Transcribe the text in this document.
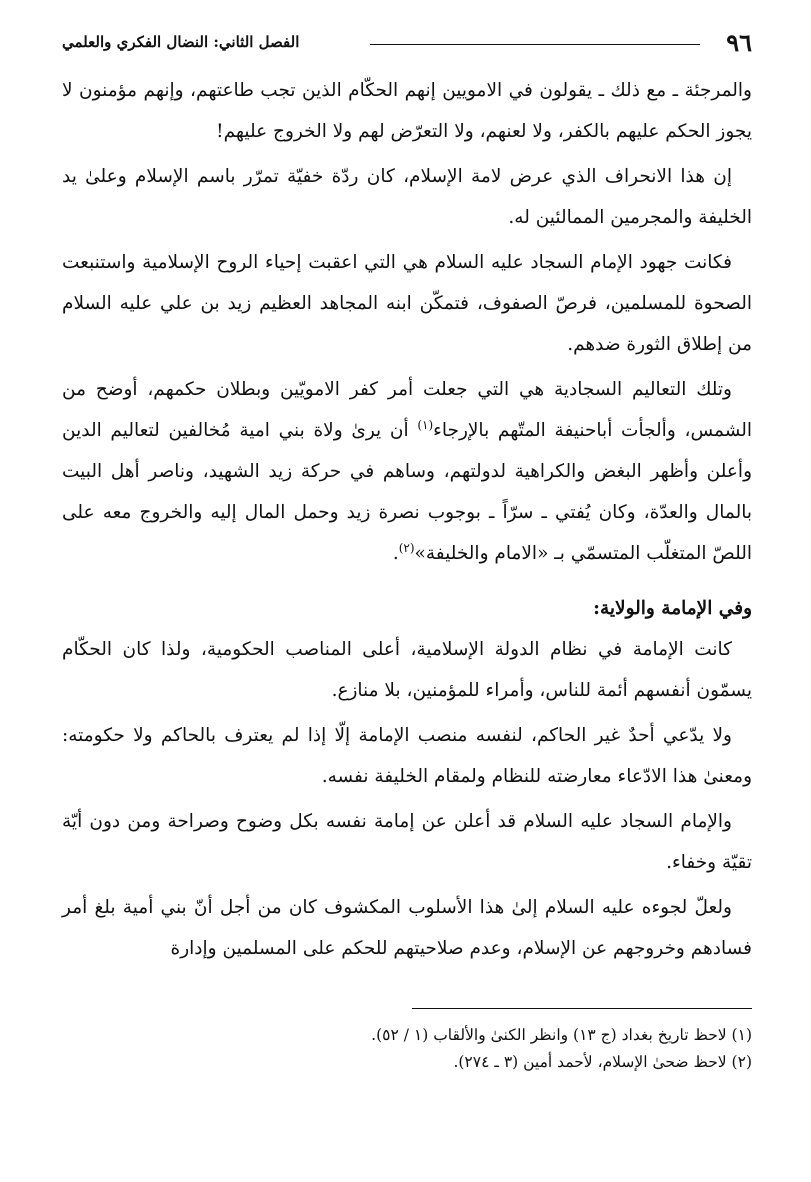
٩٦
الفصل الثاني: النضال الفكري والعلمي

والمرجئة ـ مع ذلك ـ يقولون في الامويين إنهم الحكّام الذين تجب طاعتهم، وإنهم مؤمنون لا يجوز الحكم عليهم بالكفر، ولا لعنهم، ولا التعرّض لهم ولا الخروج عليهم!

إن هذا الانحراف الذي عرض لامة الإسلام، كان ردّة خفيّة تمرّر باسم الإسلام وعلىٰ يد الخليفة والمجرمين الممالئين له.

فكانت جهود الإمام السجاد عليه السلام هي التي اعقبت إحياء الروح الإسلامية واستنبعت الصحوة للمسلمين، فرصّ الصفوف، فتمكّن ابنه المجاهد العظيم زيد بن علي عليه السلام من إطلاق الثورة ضدهم.

وتلك التعاليم السجادية هي التي جعلت أمر كفر الامويّين وبطلان حكمهم، أوضح من الشمس، وألجأت أباحنيفة المتّهم بالإرجاء$^{(١)}$ أن يرىٰ ولاة بني امية مُخالفين لتعاليم الدين وأعلن وأظهر البغض والكراهية لدولتهم، وساهم في حركة زيد الشهيد، وناصر أهل البيت بالمال والعدّة، وكان يُفتي ـ سرّاً ـ بوجوب نصرة زيد وحمل المال إليه والخروج معه على اللصّ المتغلّب المتسمّي بـ «الامام والخليفة»$^{(٢)}$.

وفي الإمامة والولاية:

كانت الإمامة في نظام الدولة الإسلامية، أعلى المناصب الحكومية، ولذا كان الحكّام يسمّون أنفسهم أئمة للناس، وأمراء للمؤمنين، بلا منازع.

ولا يدّعي أحدٌ غير الحاكم، لنفسه منصب الإمامة إلّا إذا لم يعترف بالحاكم ولا حكومته: ومعنىٰ هذا الادّعاء معارضته للنظام ولمقام الخليفة نفسه.

والإمام السجاد عليه السلام قد أعلن عن إمامة نفسه بكل وضوح وصراحة ومن دون أيّة تقيّة وخفاء.

ولعلّ لجوءه عليه السلام إلىٰ هذا الأسلوب المكشوف كان من أجل أنّ بني أمية بلغ أمر فسادهم وخروجهم عن الإسلام، وعدم صلاحيتهم للحكم على المسلمين وإدارة

(١) لاحظ تاريخ بغداد (ج ١٣) وانظر الكنىٰ والألقاب (١ / ٥٢).

(٢) لاحظ ضحىٰ الإسلام، لأحمد أمين (٣ ـ ٢٧٤).
